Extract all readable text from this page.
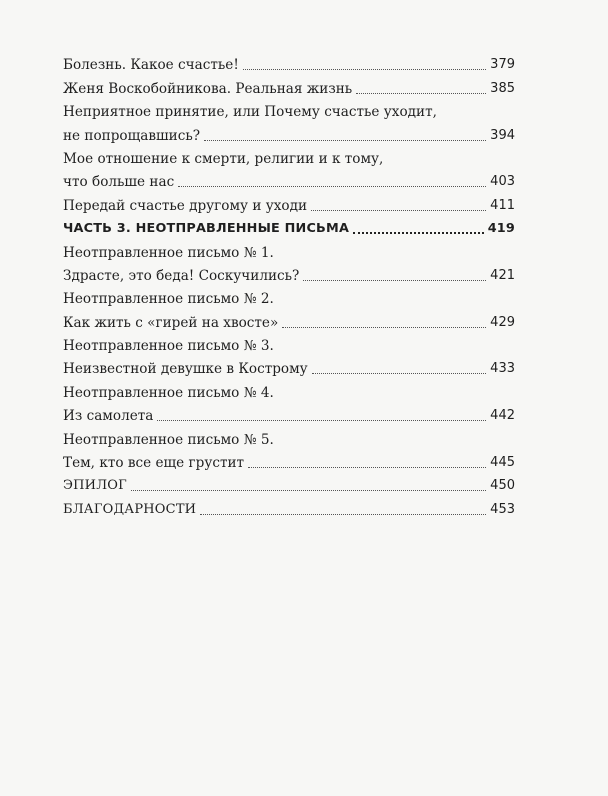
Болезнь. Какое счастье!	379
Женя Воскобойникова. Реальная жизнь	385
Неприятное принятие, или Почему счастье уходит,
не попрощавшись?	394
Мое отношение к смерти, религии и к тому,
что больше нас	403
Передай счастье другому и уходи	411
ЧАСТЬ 3. НЕОТПРАВЛЕННЫЕ ПИСЬМА	419
Неотправленное письмо № 1.
Здрасте, это беда! Соскучились?	421
Неотправленное письмо № 2.
Как жить с «гирей на хвосте»	429
Неотправленное письмо № 3.
Неизвестной девушке в Кострому	433
Неотправленное письмо № 4.
Из самолета	442
Неотправленное письмо № 5.
Тем, кто все еще грустит	445
ЭПИЛОГ	450
БЛАГОДАРНОСТИ	453
